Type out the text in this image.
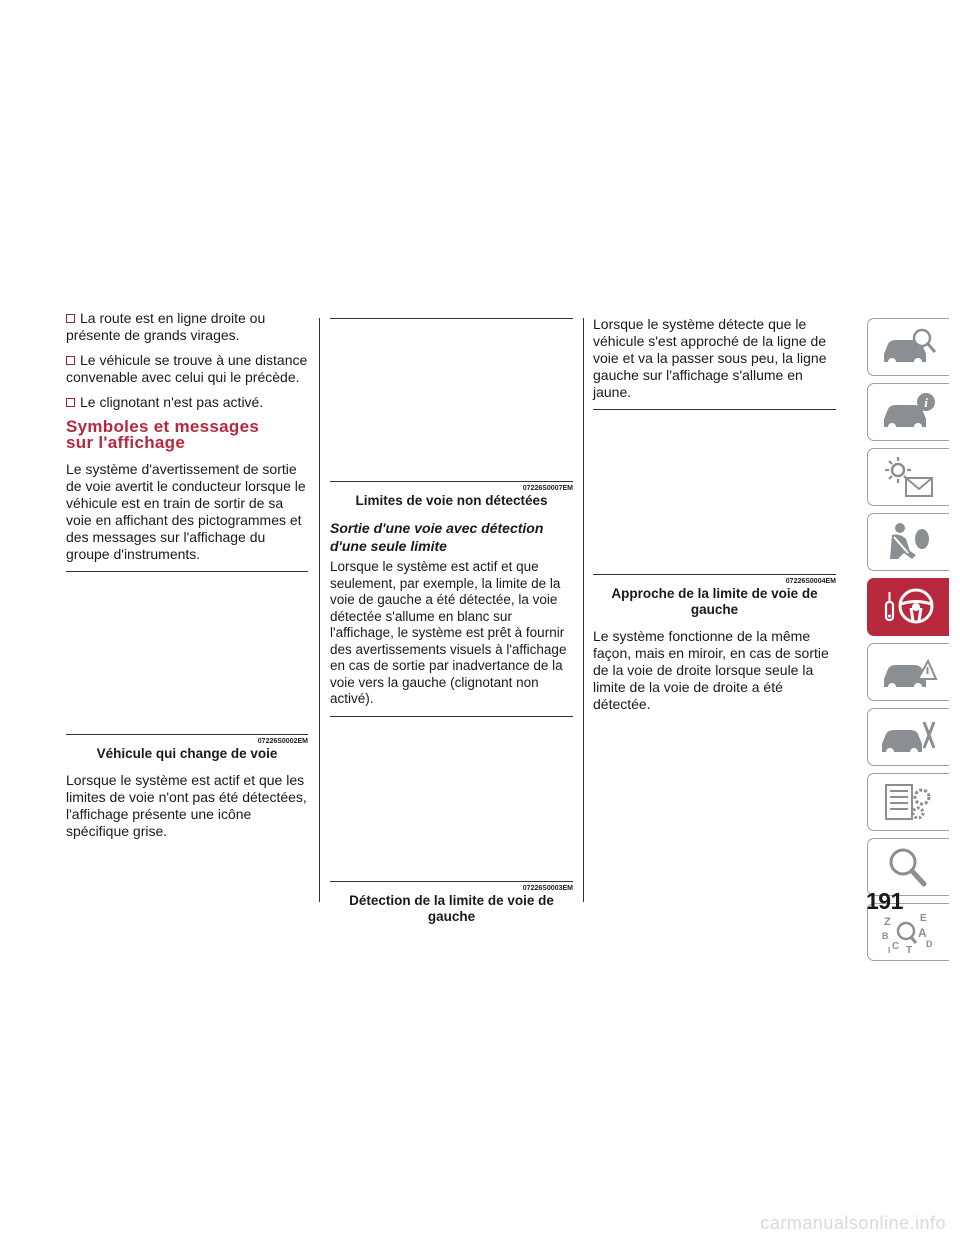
La route est en ligne droite ou présente de grands virages.

Le véhicule se trouve à une distance convenable avec celui qui le précède.

Le clignotant n'est pas activé.

Symboles et messages
sur l'affichage

Le système d'avertissement de sortie de voie avertit le conducteur lorsque le véhicule est en train de sortir de sa voie en affichant des pictogrammes et des messages sur l'affichage du groupe d'instruments.

07226S0002EM

Véhicule qui change de voie

Lorsque le système est actif et que les limites de voie n'ont pas été détectées, l'affichage présente une icône spécifique grise.

07226S0007EM

Limites de voie non détectées

Sortie d'une voie avec détection d'une seule limite

Lorsque le système est actif et que seulement, par exemple, la limite de la voie de gauche a été détectée, la voie détectée s'allume en blanc sur l'affichage, le système est prêt à fournir des avertissements visuels à l'affichage en cas de sortie par inadvertance de la voie vers la gauche (clignotant non activé).

07226S0003EM

Détection de la limite de voie de gauche

Lorsque le système détecte que le véhicule s'est approché de la ligne de voie et va la passer sous peu, la ligne gauche sur l'affichage s'allume en jaune.

07226S0004EM

Approche de la limite de voie de gauche

Le système fonctionne de la même façon, mais en miroir, en cas de sortie de la voie de droite lorsque seule la limite de la voie de droite a été détectée.

i
Z	E
B A
C	D
T
I
191
carmanualsonline.info
